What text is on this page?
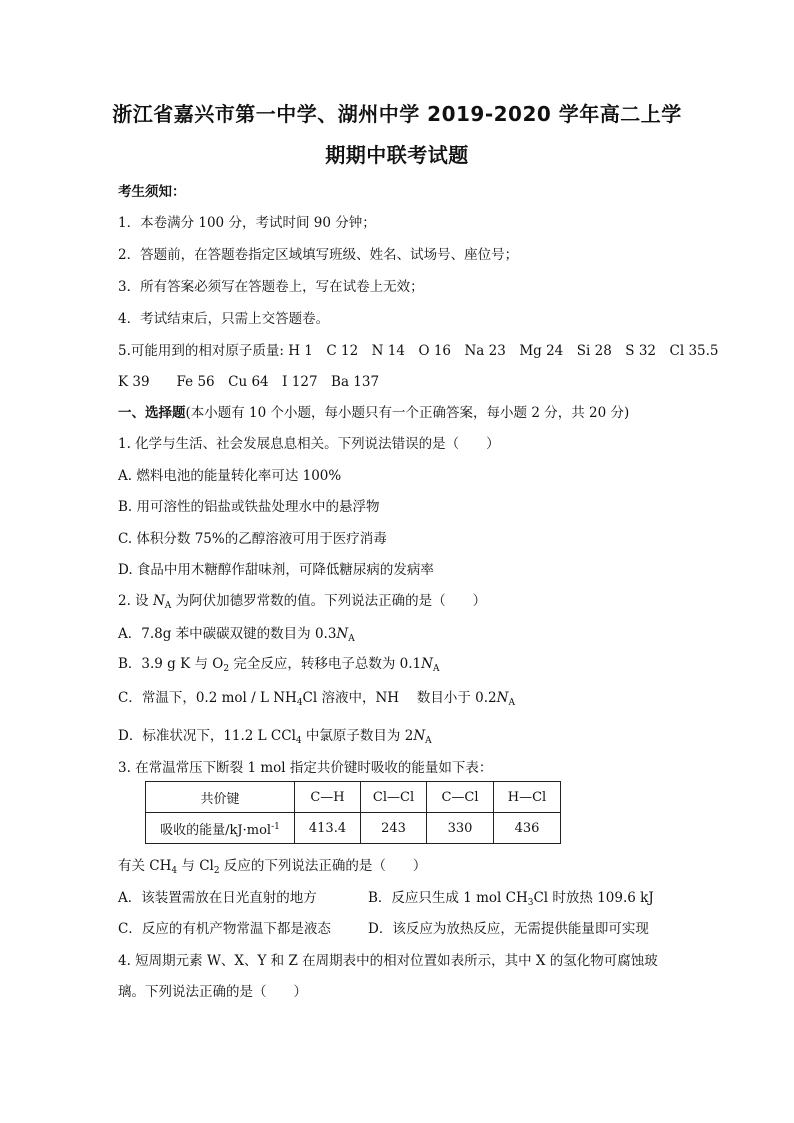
浙江省嘉兴市第一中学、湖州中学 2019-2020 学年高二上学
期期中联考试题
考生须知：
1．本卷满分 100 分，考试时间 90 分钟；
2．答题前，在答题卷指定区域填写班级、姓名、试场号、座位号；
3．所有答案必须写在答题卷上，写在试卷上无效；
4．考试结束后，只需上交答题卷。
5.可能用到的相对原子质量: H 1　C 12　N 14　O 16　Na 23　Mg 24　Si 28　S 32　Cl 35.5
K 39　　Fe 56　Cu 64　I 127　Ba 137
一、选择题(本小题有 10 个小题，每小题只有一个正确答案，每小题 2 分，共 20 分)
1. 化学与生活、社会发展息息相关。下列说法错误的是（　　）
A. 燃料电池的能量转化率可达 100%
B. 用可溶性的铝盐或铁盐处理水中的悬浮物
C. 体积分数 75%的乙醇溶液可用于医疗消毒
D. 食品中用木糖醇作甜味剂，可降低糖尿病的发病率
2. 设 $N_A$ 为阿伏加德罗常数的值。下列说法正确的是（　　）
A．7.8g 苯中碳碳双键的数目为 $0.3N_A$
B．3.9 g K 与 $O_2$ 完全反应，转移电子总数为 $0.1N_A$
C．常温下，0.2 mol / L $NH_4Cl$ 溶液中，NH　 数目小于 $0.2N_A$
D．标准状况下，11.2 L CCl$_4$ 中氯原子数目为 $2N_A$
3. 在常温常压下断裂 1 mol 指定共价键时吸收的能量如下表：
共价键	C—H	Cl—Cl	C—Cl	H—Cl
吸收的能量/kJ·mol$^{-1}$	413.4	243	330	436
有关 $CH_4$ 与 $Cl_2$ 反应的下列说法正确的是（　　）
A．该装置需放在日光直射的地方	B．反应只生成 1 mol $CH_3Cl$ 时放热 109.6 kJ
C．反应的有机产物常温下都是液态	D．该反应为放热反应，无需提供能量即可实现
4. 短周期元素 W、X、Y 和 Z 在周期表中的相对位置如表所示，其中 X 的氢化物可腐蚀玻
璃。下列说法正确的是（　　）
